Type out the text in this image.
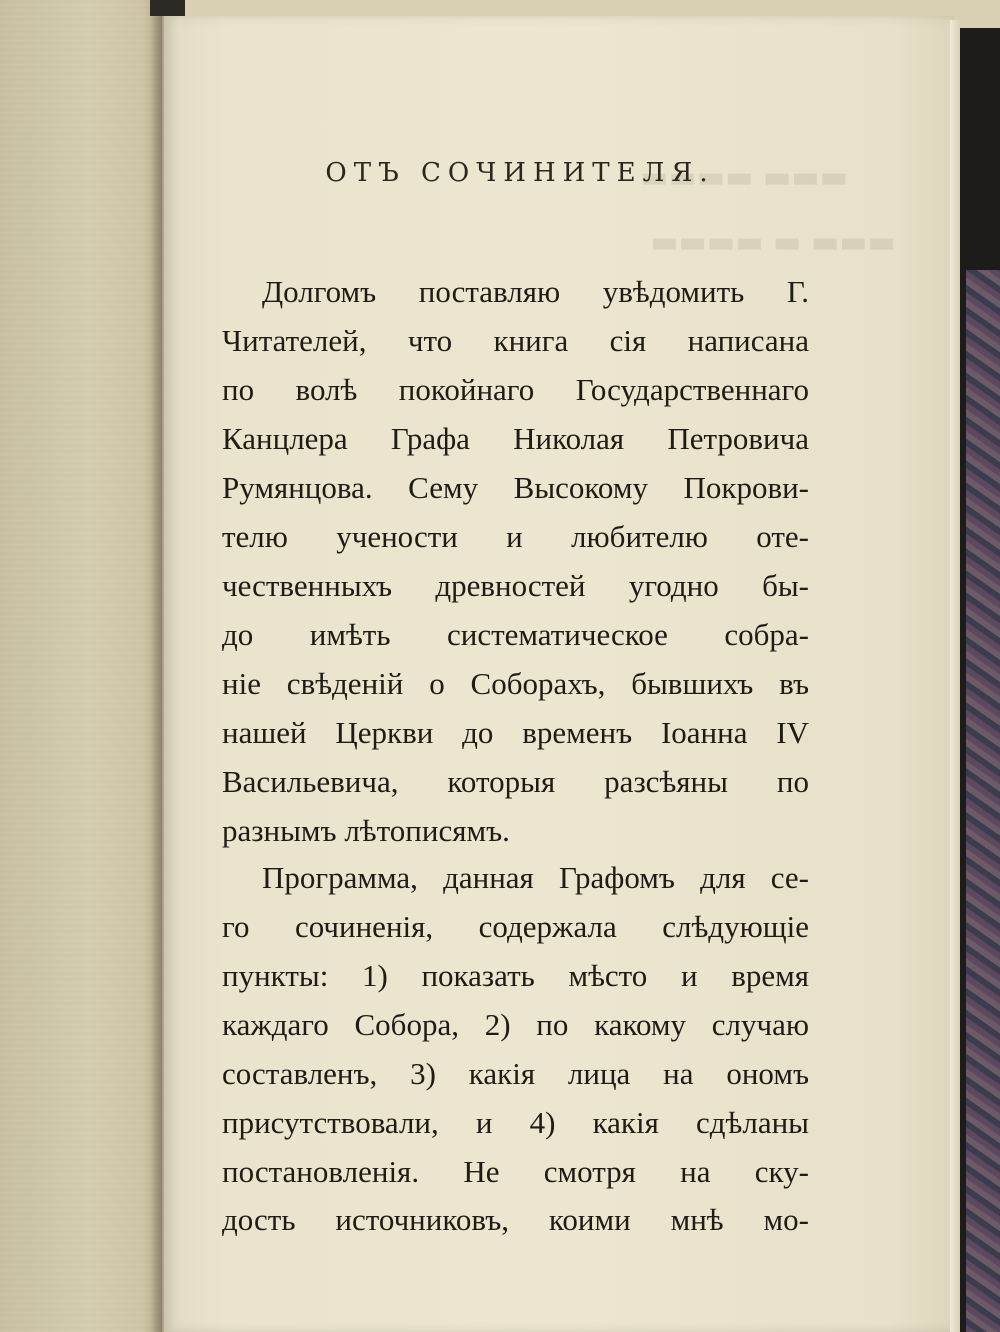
▬▬▬ ▬▬▬▬
▬▬▬ ▬ ▬▬▬▬
ОТЪ СОЧИНИТЕЛЯ.

Долгомъ поставляю увѣдомить Г.

Читателей, что книга сія написана

по волѣ покойнаго Государственнаго

Канцлера Графа Николая Петровича

Румянцова. Сему Высокому Покрови-

телю учености и любителю оте-

чественныхъ древностей угодно бы-

до имѣть систематическое собра-

ніе свѣденій о Соборахъ, бывшихъ въ

нашей Церкви до временъ Іоанна IV

Васильевича, которыя разсѣяны по

разнымъ лѣтописямъ.

Программа, данная Графомъ для се-

го сочиненія, содержала слѣдующіе

пункты: 1) показать мѣсто и время

каждаго Собора, 2) по какому случаю

составленъ, 3) какія лица на ономъ

присутствовали, и 4) какія сдѣланы

постановленія. Не смотря на ску-

дость источниковъ, коими мнѣ мо-
